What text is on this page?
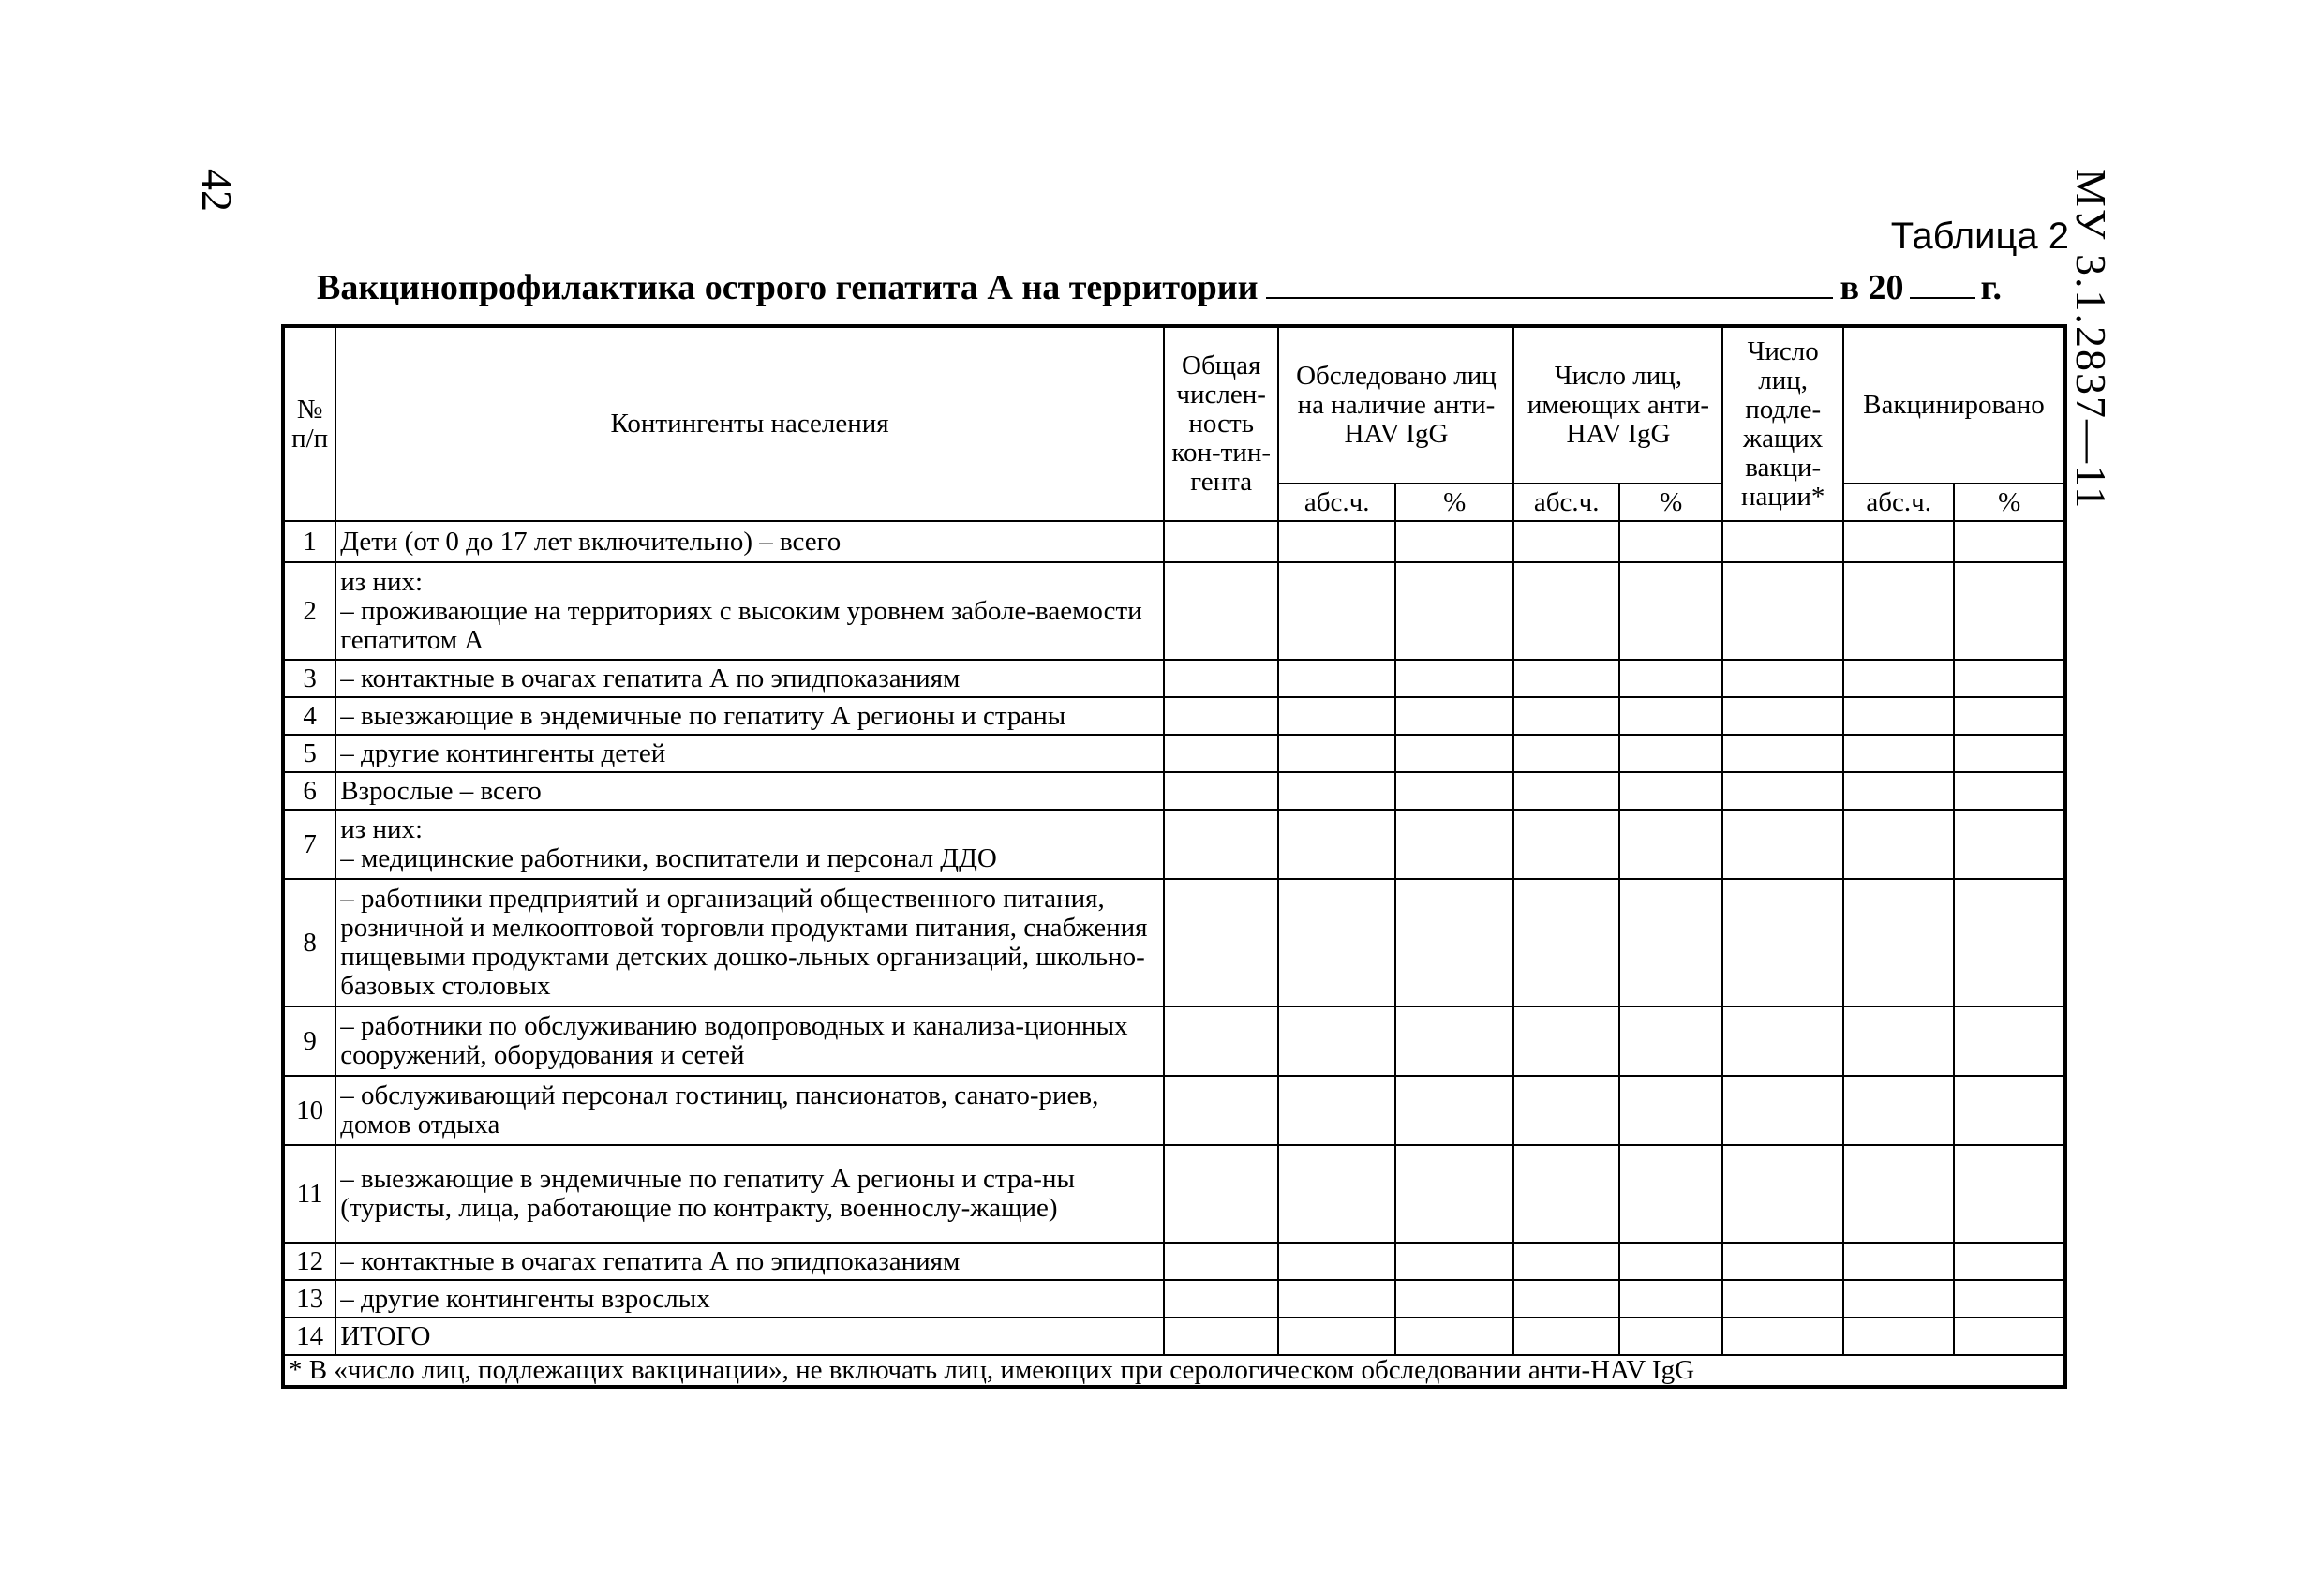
42	МУ 3.1.2837—11
Таблица 2
Вакцинопрофилактика острого гепатита А на территории	в 20 г.
№ п/п	Контингенты населения	Общая числен-ность кон-тин-гента	Обследовано лиц на наличие анти-HAV IgG		Число лиц, имеющих анти-HAV IgG		Число лиц, подле-жащих вакци-нации*	Вакцинировано	
			абс.ч.	%	абс.ч.	%		абс.ч.	%
1	Дети (от 0 до 17 лет включительно) – всего								
2	из них:
– проживающие на территориях с высоким уровнем заболе-ваемости гепатитом А								
3	– контактные в очагах гепатита А по эпидпоказаниям								
4	– выезжающие в эндемичные по гепатиту А регионы и страны								
5	– другие контингенты детей								
6	Взрослые – всего								
7	из них:
– медицинские работники, воспитатели и персонал ДДО								
8	– работники предприятий и организаций общественного питания, розничной и мелкооптовой торговли продуктами питания, снабжения пищевыми продуктами детских дошко-льных организаций, школьно-базовых столовых								
9	– работники по обслуживанию водопроводных и канализа-ционных сооружений, оборудования и сетей								
10	– обслуживающий персонал гостиниц, пансионатов, санато-риев, домов отдыха								
11	– выезжающие в эндемичные по гепатиту А регионы и стра-ны (туристы, лица, работающие по контракту, военнослу-жащие)								
12	– контактные в очагах гепатита А по эпидпоказаниям								
13	– другие контингенты взрослых								
14	ИТОГО								
* В «число лиц, подлежащих вакцинации», не включать лиц, имеющих при серологическом обследовании анти-HAV IgG									
